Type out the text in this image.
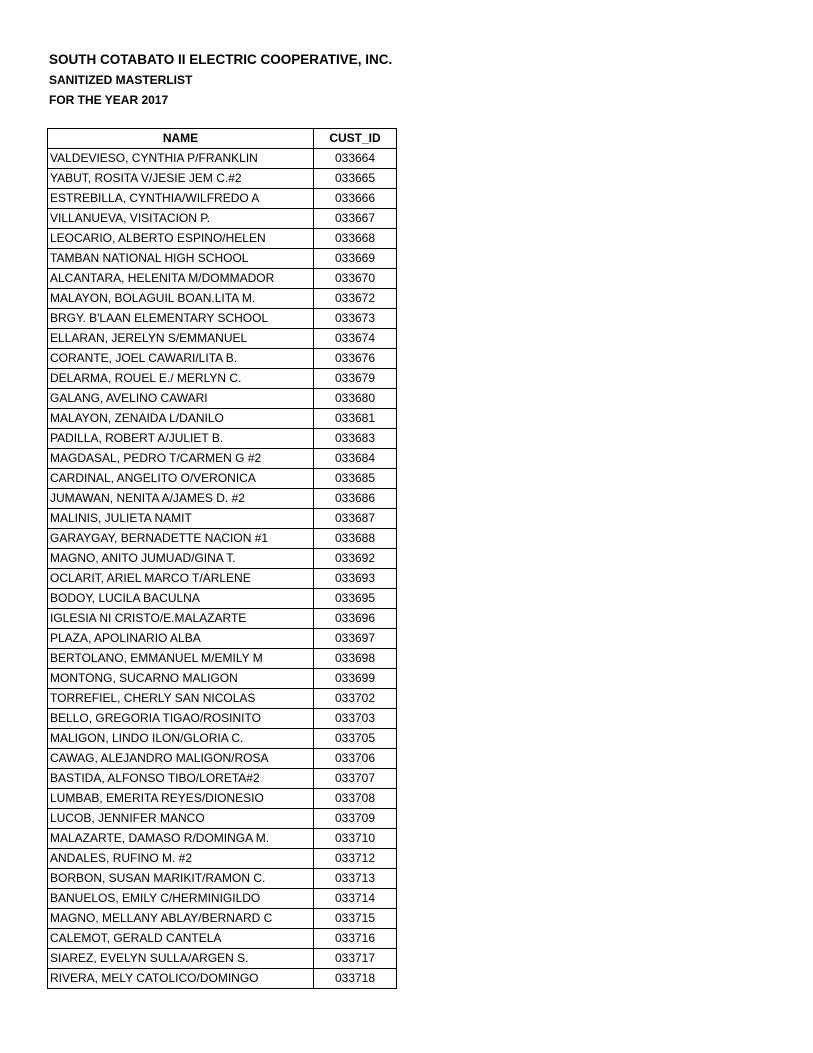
SOUTH COTABATO II ELECTRIC COOPERATIVE, INC.
SANITIZED MASTERLIST
FOR THE YEAR 2017
NAME	CUST_ID
VALDEVIESO, CYNTHIA P/FRANKLIN	033664
YABUT, ROSITA V/JESIE JEM C.#2	033665
ESTREBILLA, CYNTHIA/WILFREDO A	033666
VILLANUEVA, VISITACION P.	033667
LEOCARIO, ALBERTO ESPINO/HELEN	033668
TAMBAN NATIONAL HIGH SCHOOL	033669
ALCANTARA, HELENITA M/DOMMADOR	033670
MALAYON, BOLAGUIL BOAN.LITA M.	033672
BRGY. B'LAAN ELEMENTARY SCHOOL	033673
ELLARAN, JERELYN S/EMMANUEL	033674
CORANTE, JOEL CAWARI/LITA B.	033676
DELARMA, ROUEL E./ MERLYN C.	033679
GALANG, AVELINO CAWARI	033680
MALAYON, ZENAIDA L/DANILO	033681
PADILLA, ROBERT A/JULIET B.	033683
MAGDASAL, PEDRO T/CARMEN G #2	033684
CARDINAL, ANGELITO O/VERONICA	033685
JUMAWAN, NENITA A/JAMES D. #2	033686
MALINIS, JULIETA NAMIT	033687
GARAYGAY, BERNADETTE NACION #1	033688
MAGNO, ANITO JUMUAD/GINA T.	033692
OCLARIT, ARIEL MARCO T/ARLENE	033693
BODOY, LUCILA BACULNA	033695
IGLESIA NI CRISTO/E.MALAZARTE	033696
PLAZA, APOLINARIO ALBA	033697
BERTOLANO, EMMANUEL M/EMILY M	033698
MONTONG, SUCARNO MALIGON	033699
TORREFIEL, CHERLY SAN NICOLAS	033702
BELLO, GREGORIA TIGAO/ROSINITO	033703
MALIGON, LINDO ILON/GLORIA C.	033705
CAWAG, ALEJANDRO MALIGON/ROSA	033706
BASTIDA, ALFONSO TIBO/LORETA#2	033707
LUMBAB, EMERITA REYES/DIONESIO	033708
LUCOB, JENNIFER MANCO	033709
MALAZARTE, DAMASO R/DOMINGA M.	033710
ANDALES, RUFINO M. #2	033712
BORBON, SUSAN MARIKIT/RAMON C.	033713
BANUELOS, EMILY C/HERMINIGILDO	033714
MAGNO, MELLANY ABLAY/BERNARD C	033715
CALEMOT, GERALD CANTELA	033716
SIAREZ, EVELYN SULLA/ARGEN S.	033717
RIVERA, MELY CATOLICO/DOMINGO	033718
